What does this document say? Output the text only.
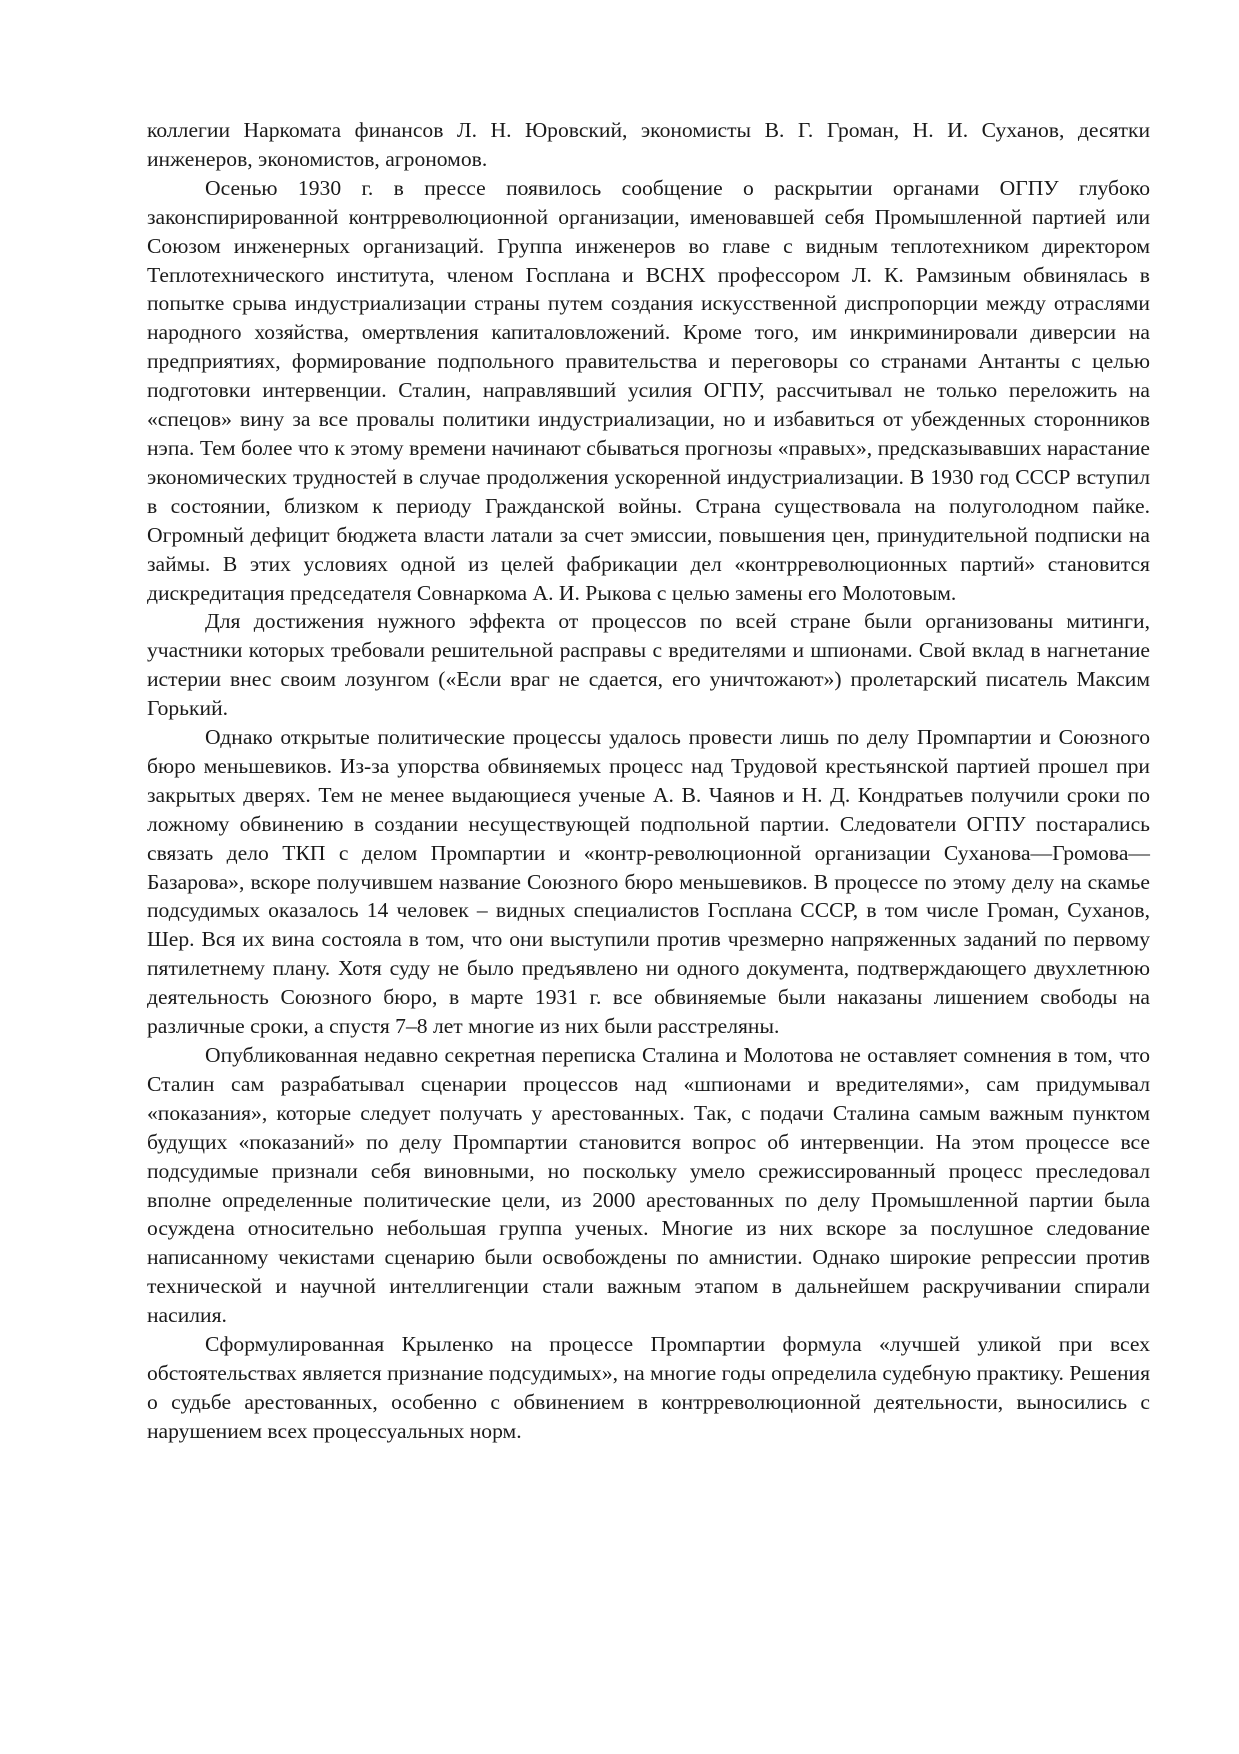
коллегии Наркомата финансов Л. Н. Юровский, экономисты В. Г. Громан, Н. И. Суханов, десятки инженеров, экономистов, агрономов.

Осенью 1930 г. в прессе появилось сообщение о раскрытии органами ОГПУ глубоко законспирированной контрреволюционной организации, именовавшей себя Промышленной партией или Союзом инженерных организаций. Группа инженеров во главе с видным теплотехником директором Теплотехнического института, членом Госплана и ВСНХ профессором Л. К. Рамзиным обвинялась в попытке срыва индустриализации страны путем создания искусственной диспропорции между отраслями народного хозяйства, омертвления капиталовложений. Кроме того, им инкриминировали диверсии на предприятиях, формирование подпольного правительства и переговоры со странами Антанты с целью подготовки интервенции. Сталин, направлявший усилия ОГПУ, рассчитывал не только переложить на «спецов» вину за все провалы политики индустриализации, но и избавиться от убежденных сторонников нэпа. Тем более что к этому времени начинают сбываться прогнозы «правых», предсказывавших нарастание экономических трудностей в случае продолжения ускоренной индустриализации. В 1930 год СССР вступил в состоянии, близком к периоду Гражданской войны. Страна существовала на полуголодном пайке. Огромный дефицит бюджета власти латали за счет эмиссии, повышения цен, принудительной подписки на займы. В этих условиях одной из целей фабрикации дел «контрреволюционных партий» становится дискредитация председателя Совнаркома А. И. Рыкова с целью замены его Молотовым.

Для достижения нужного эффекта от процессов по всей стране были организованы митинги, участники которых требовали решительной расправы с вредителями и шпионами. Свой вклад в нагнетание истерии внес своим лозунгом («Если враг не сдается, его уничтожают») пролетарский писатель Максим Горький.

Однако открытые политические процессы удалось провести лишь по делу Промпартии и Союзного бюро меньшевиков. Из-за упорства обвиняемых процесс над Трудовой крестьянской партией прошел при закрытых дверях. Тем не менее выдающиеся ученые А. В. Чаянов и Н. Д. Кондратьев получили сроки по ложному обвинению в создании несуществующей подпольной партии. Следователи ОГПУ постарались связать дело ТКП с делом Промпартии и «контр-революционной организации Суханова—Громова—Базарова», вскоре получившем название Союзного бюро меньшевиков. В процессе по этому делу на скамье подсудимых оказалось 14 человек – видных специалистов Госплана СССР, в том числе Громан, Суханов, Шер. Вся их вина состояла в том, что они выступили против чрезмерно напряженных заданий по первому пятилетнему плану. Хотя суду не было предъявлено ни одного документа, подтверждающего двухлетнюю деятельность Союзного бюро, в марте 1931 г. все обвиняемые были наказаны лишением свободы на различные сроки, а спустя 7–8 лет многие из них были расстреляны.

Опубликованная недавно секретная переписка Сталина и Молотова не оставляет сомнения в том, что Сталин сам разрабатывал сценарии процессов над «шпионами и вредителями», сам придумывал «показания», которые следует получать у арестованных. Так, с подачи Сталина самым важным пунктом будущих «показаний» по делу Промпартии становится вопрос об интервенции. На этом процессе все подсудимые признали себя виновными, но поскольку умело срежиссированный процесс преследовал вполне определенные политические цели, из 2000 арестованных по делу Промышленной партии была осуждена относительно небольшая группа ученых. Многие из них вскоре за послушное следование написанному чекистами сценарию были освобождены по амнистии. Однако широкие репрессии против технической и научной интеллигенции стали важным этапом в дальнейшем раскручивании спирали насилия.

Сформулированная Крыленко на процессе Промпартии формула «лучшей уликой при всех обстоятельствах является признание подсудимых», на многие годы определила судебную практику. Решения о судьбе арестованных, особенно с обвинением в контрреволюционной деятельности, выносились с нарушением всех процессуальных норм.
